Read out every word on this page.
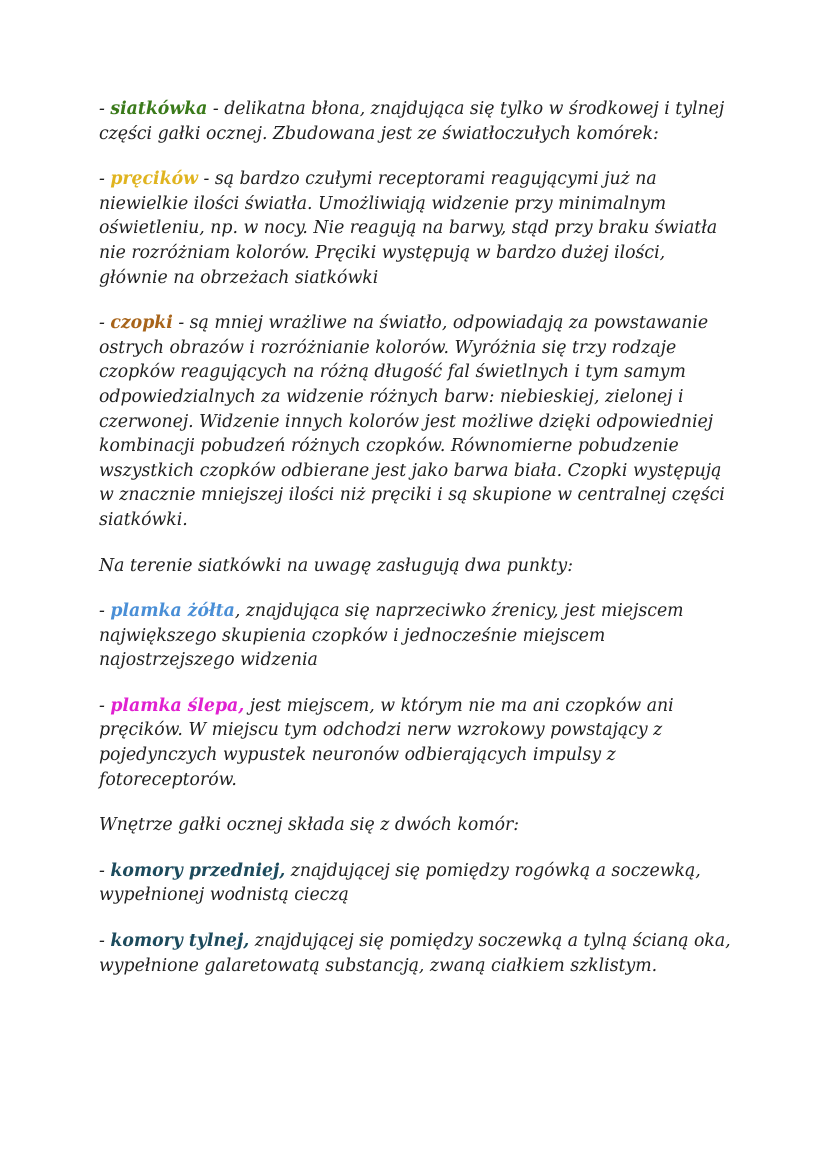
- siatkówka - delikatna błona, znajdująca się tylko w środkowej i tylnej części gałki ocznej. Zbudowana jest ze światłoczułych komórek:

- pręcików - są bardzo czułymi receptorami reagującymi już na niewielkie ilości światła. Umożliwiają widzenie przy minimalnym oświetleniu, np. w nocy. Nie reagują na barwy, stąd przy braku światła nie rozróżniam kolorów. Pręciki występują w bardzo dużej ilości, głównie na obrzeżach siatkówki

- czopki - są mniej wrażliwe na światło, odpowiadają za powstawanie ostrych obrazów i rozróżnianie kolorów. Wyróżnia się trzy rodzaje czopków reagujących na różną długość fal świetlnych i tym samym odpowiedzialnych za widzenie różnych barw: niebieskiej, zielonej i czerwonej. Widzenie innych kolorów jest możliwe dzięki odpowiedniej kombinacji pobudzeń różnych czopków. Równomierne pobudzenie wszystkich czopków odbierane jest jako barwa biała. Czopki występują w znacznie mniejszej ilości niż pręciki i są skupione w centralnej części siatkówki.

Na terenie siatkówki na uwagę zasługują dwa punkty:

- plamka żółta, znajdująca się naprzeciwko źrenicy, jest miejscem największego skupienia czopków i jednocześnie miejscem najostrzejszego widzenia

- plamka ślepa, jest miejscem, w którym nie ma ani czopków ani pręcików. W miejscu tym odchodzi nerw wzrokowy powstający z pojedynczych wypustek neuronów odbierających impulsy z fotoreceptorów.

Wnętrze gałki ocznej składa się z dwóch komór:

- komory przedniej, znajdującej się pomiędzy rogówką a soczewką, wypełnionej wodnistą cieczą

- komory tylnej, znajdującej się pomiędzy soczewką a tylną ścianą oka, wypełnione galaretowatą substancją, zwaną ciałkiem szklistym.
